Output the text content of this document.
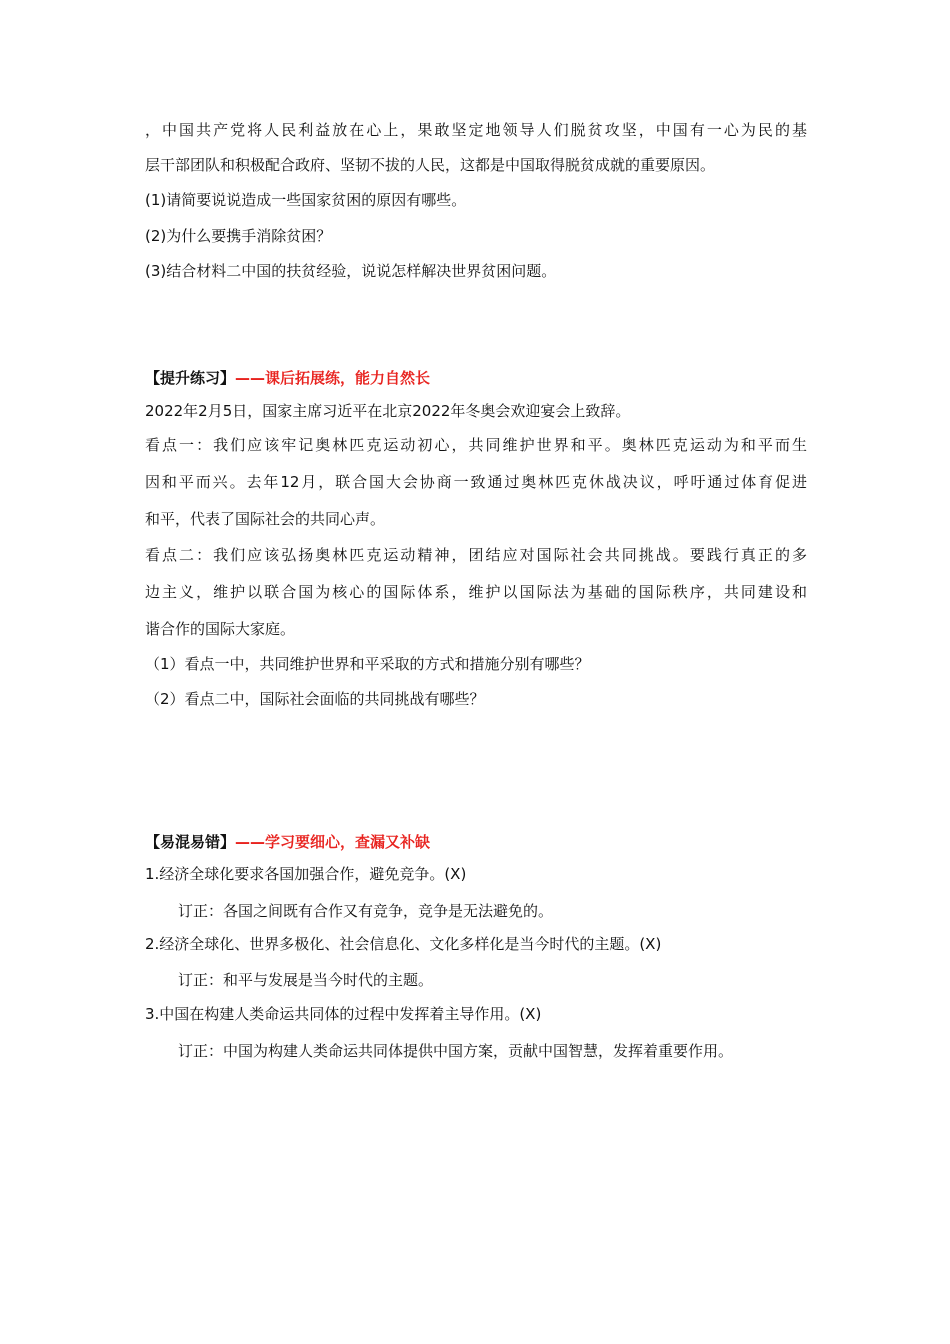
，中国共产党将人民利益放在心上，果敢坚定地领导人们脱贫攻坚，中国有一心为民的基
层干部团队和积极配合政府、坚韧不拔的人民，这都是中国取得脱贫成就的重要原因。
(1)请简要说说造成一些国家贫困的原因有哪些。
(2)为什么要携手消除贫困？
(3)结合材料二中国的扶贫经验，说说怎样解决世界贫困问题。
【提升练习】——课后拓展练，能力自然长
2022年2月5日，国家主席习近平在北京2022年冬奥会欢迎宴会上致辞。
看点一：我们应该牢记奥林匹克运动初心，共同维护世界和平。奥林匹克运动为和平而生
因和平而兴。去年12月，联合国大会协商一致通过奥林匹克休战决议，呼吁通过体育促进
和平，代表了国际社会的共同心声。
看点二：我们应该弘扬奥林匹克运动精神，团结应对国际社会共同挑战。要践行真正的多
边主义，维护以联合国为核心的国际体系，维护以国际法为基础的国际秩序，共同建设和
谐合作的国际大家庭。
（1）看点一中，共同维护世界和平采取的方式和措施分别有哪些？
（2）看点二中，国际社会面临的共同挑战有哪些？
【易混易错】——学习要细心，查漏又补缺
1.经济全球化要求各国加强合作，避免竞争。(X)
订正：各国之间既有合作又有竞争，竞争是无法避免的。
2.经济全球化、世界多极化、社会信息化、文化多样化是当今时代的主题。(X)
订正：和平与发展是当今时代的主题。
3.中国在构建人类命运共同体的过程中发挥着主导作用。(X)
订正：中国为构建人类命运共同体提供中国方案，贡献中国智慧，发挥着重要作用。
